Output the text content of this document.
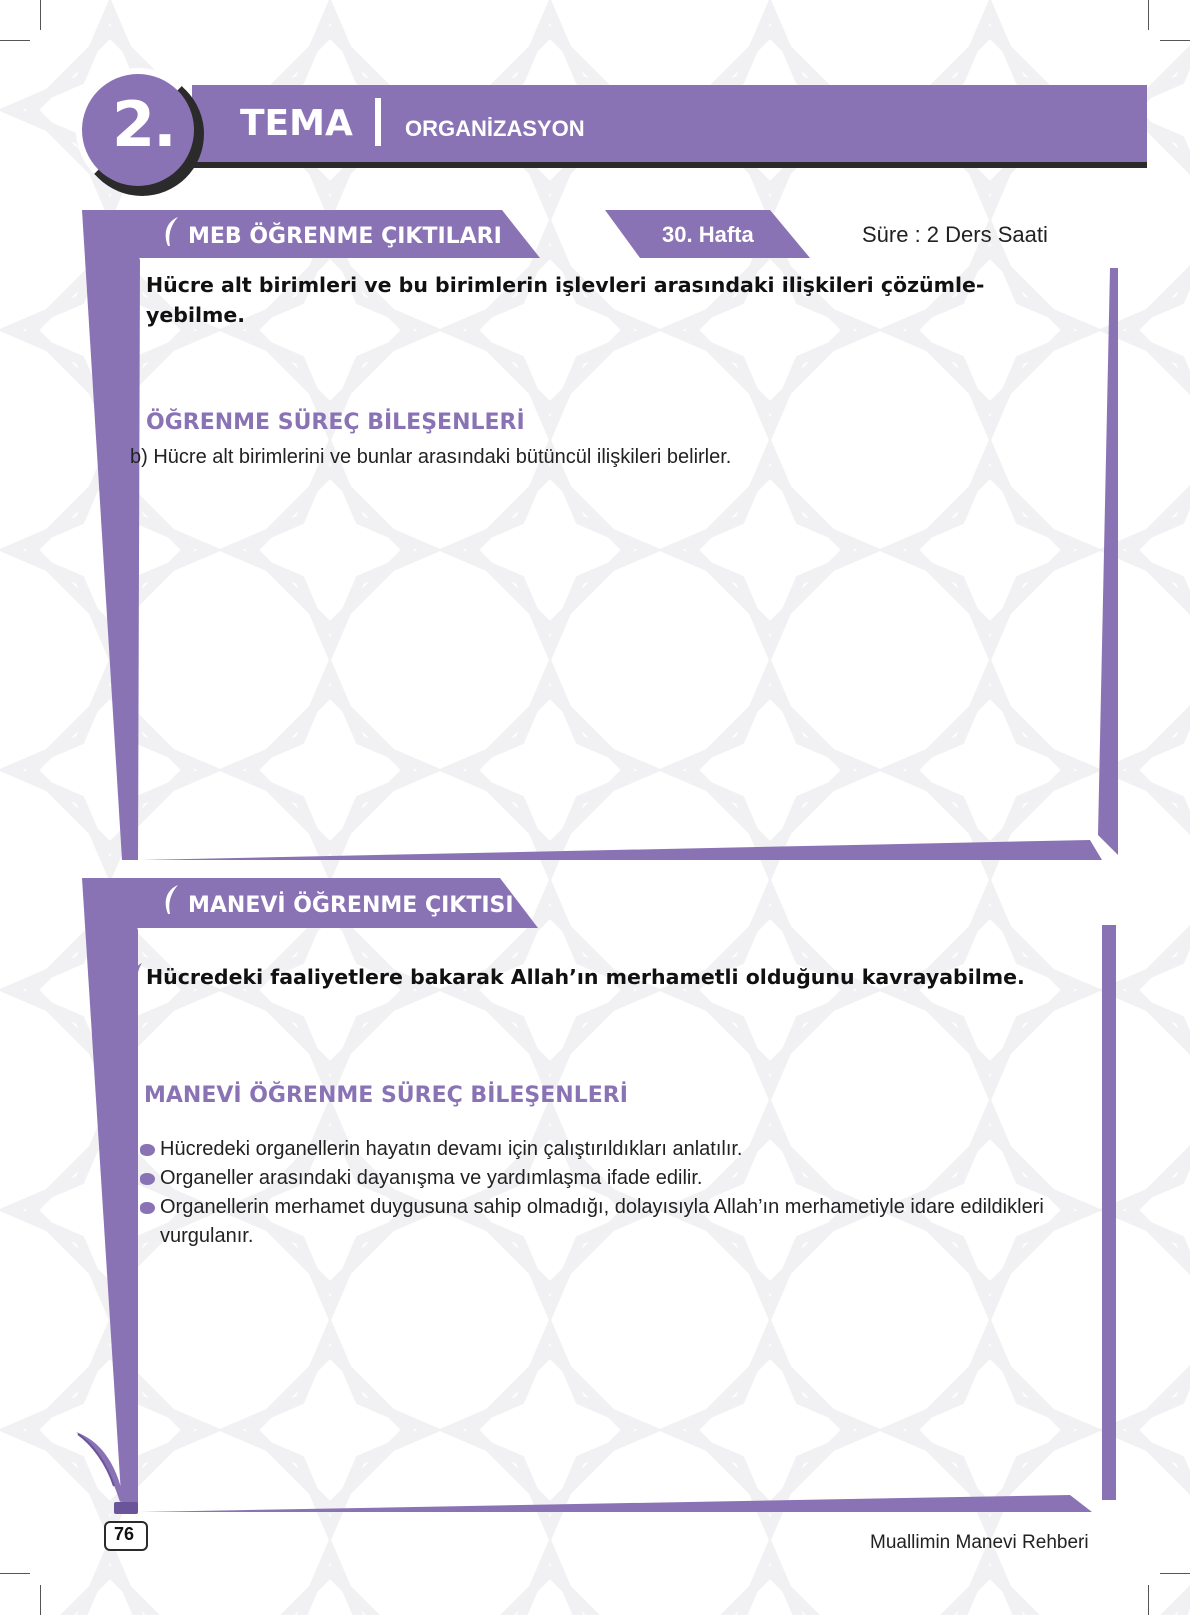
2. TEMA ORGANİZASYON
MEB ÖĞRENME ÇIKTILARI	30. Hafta	Süre : 2 Ders Saati
Hücre alt birimleri ve bu birimlerin işlevleri arasındaki ilişkileri çözümle-yebilme.
ÖĞRENME SÜREÇ BİLEŞENLERİ
b) Hücre alt birimlerini ve bunlar arasındaki bütüncül ilişkileri belirler.
MANEVİ ÖĞRENME ÇIKTISI
Hücredeki faaliyetlere bakarak Allah’ın merhametli olduğunu kavrayabilme.
MANEVİ ÖĞRENME SÜREÇ BİLEŞENLERİ
Hücredeki organellerin hayatın devamı için çalıştırıldıkları anlatılır.
Organeller arasındaki dayanışma ve yardımlaşma ifade edilir.
Organellerin merhamet duygusuna sahip olmadığı, dolayısıyla Allah’ın merhametiyle idare edildikleri vurgulanır.
76	Muallimin Manevi Rehberi
